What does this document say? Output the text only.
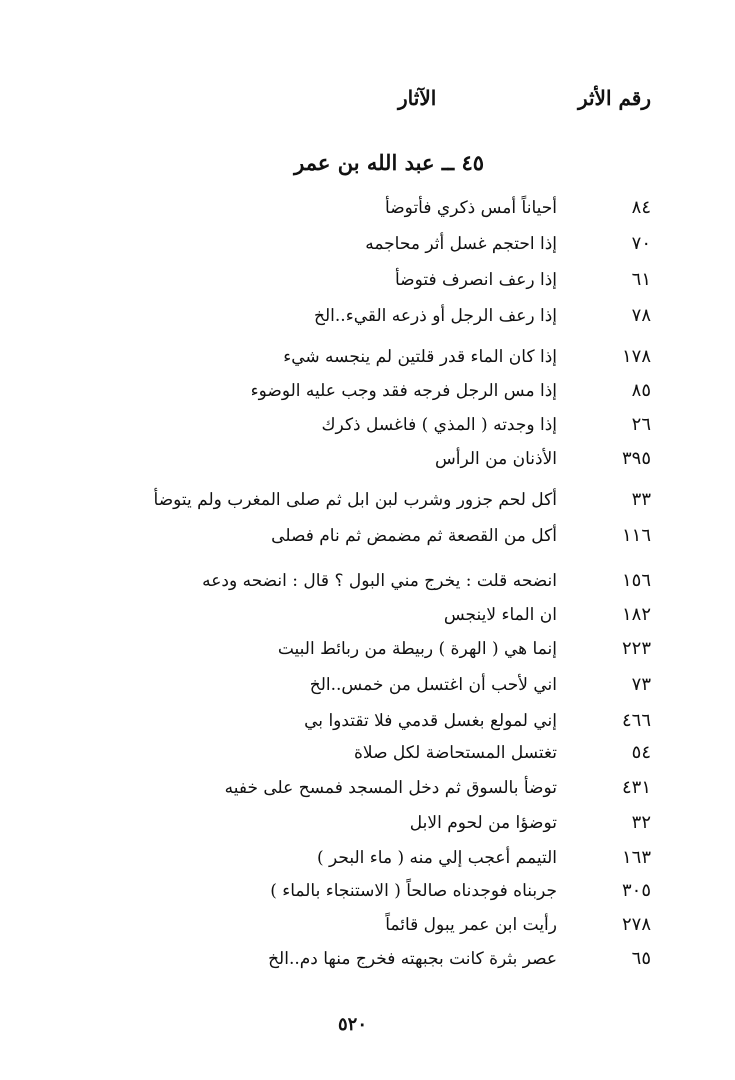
رقم الأثر
الآثار
٤٥ ــ عبد الله بن عمر
٨٤
أحياناً أمس ذكري فأتوضأ
٧٠
إذا احتجم غسل أثر محاجمه
٦١
إذا رعف انصرف فتوضأ
٧٨
إذا رعف الرجل أو ذرعه القيء..الخ
١٧٨
إذا كان الماء قدر قلتين لم ينجسه شيء
٨٥
إذا مس الرجل فرجه فقد وجب عليه الوضوء
٢٦
إذا وجدته ( المذي ) فاغسل ذكرك
٣٩٥
الأذنان من الرأس
٣٣
أكل لحم جزور وشرب لبن ابل ثم صلى المغرب ولم يتوضأ
١١٦
أكل من القصعة ثم مضمض ثم نام فصلى
١٥٦
انضحه قلت : يخرج مني البول ؟ قال : انضحه ودعه
١٨٢
ان الماء لاينجس
٢٢٣
إنما هي ( الهرة ) ربيطة من ربائط البيت
٧٣
اني لأحب أن اغتسل من خمس..الخ
٤٦٦
إني لمولع بغسل قدمي فلا تقتدوا بي
٥٤
تغتسل المستحاضة لكل صلاة
٤٣١
توضأ بالسوق ثم دخل المسجد فمسح على خفيه
٣٢
توضؤا من لحوم الابل
١٦٣
التيمم أعجب إلي منه ( ماء البحر )
٣٠٥
جربناه فوجدناه صالحاً ( الاستنجاء بالماء )
٢٧٨
رأيت ابن عمر يبول قائماً
٦٥
عصر بثرة كانت بجبهته فخرج منها دم..الخ
٥٢٠
